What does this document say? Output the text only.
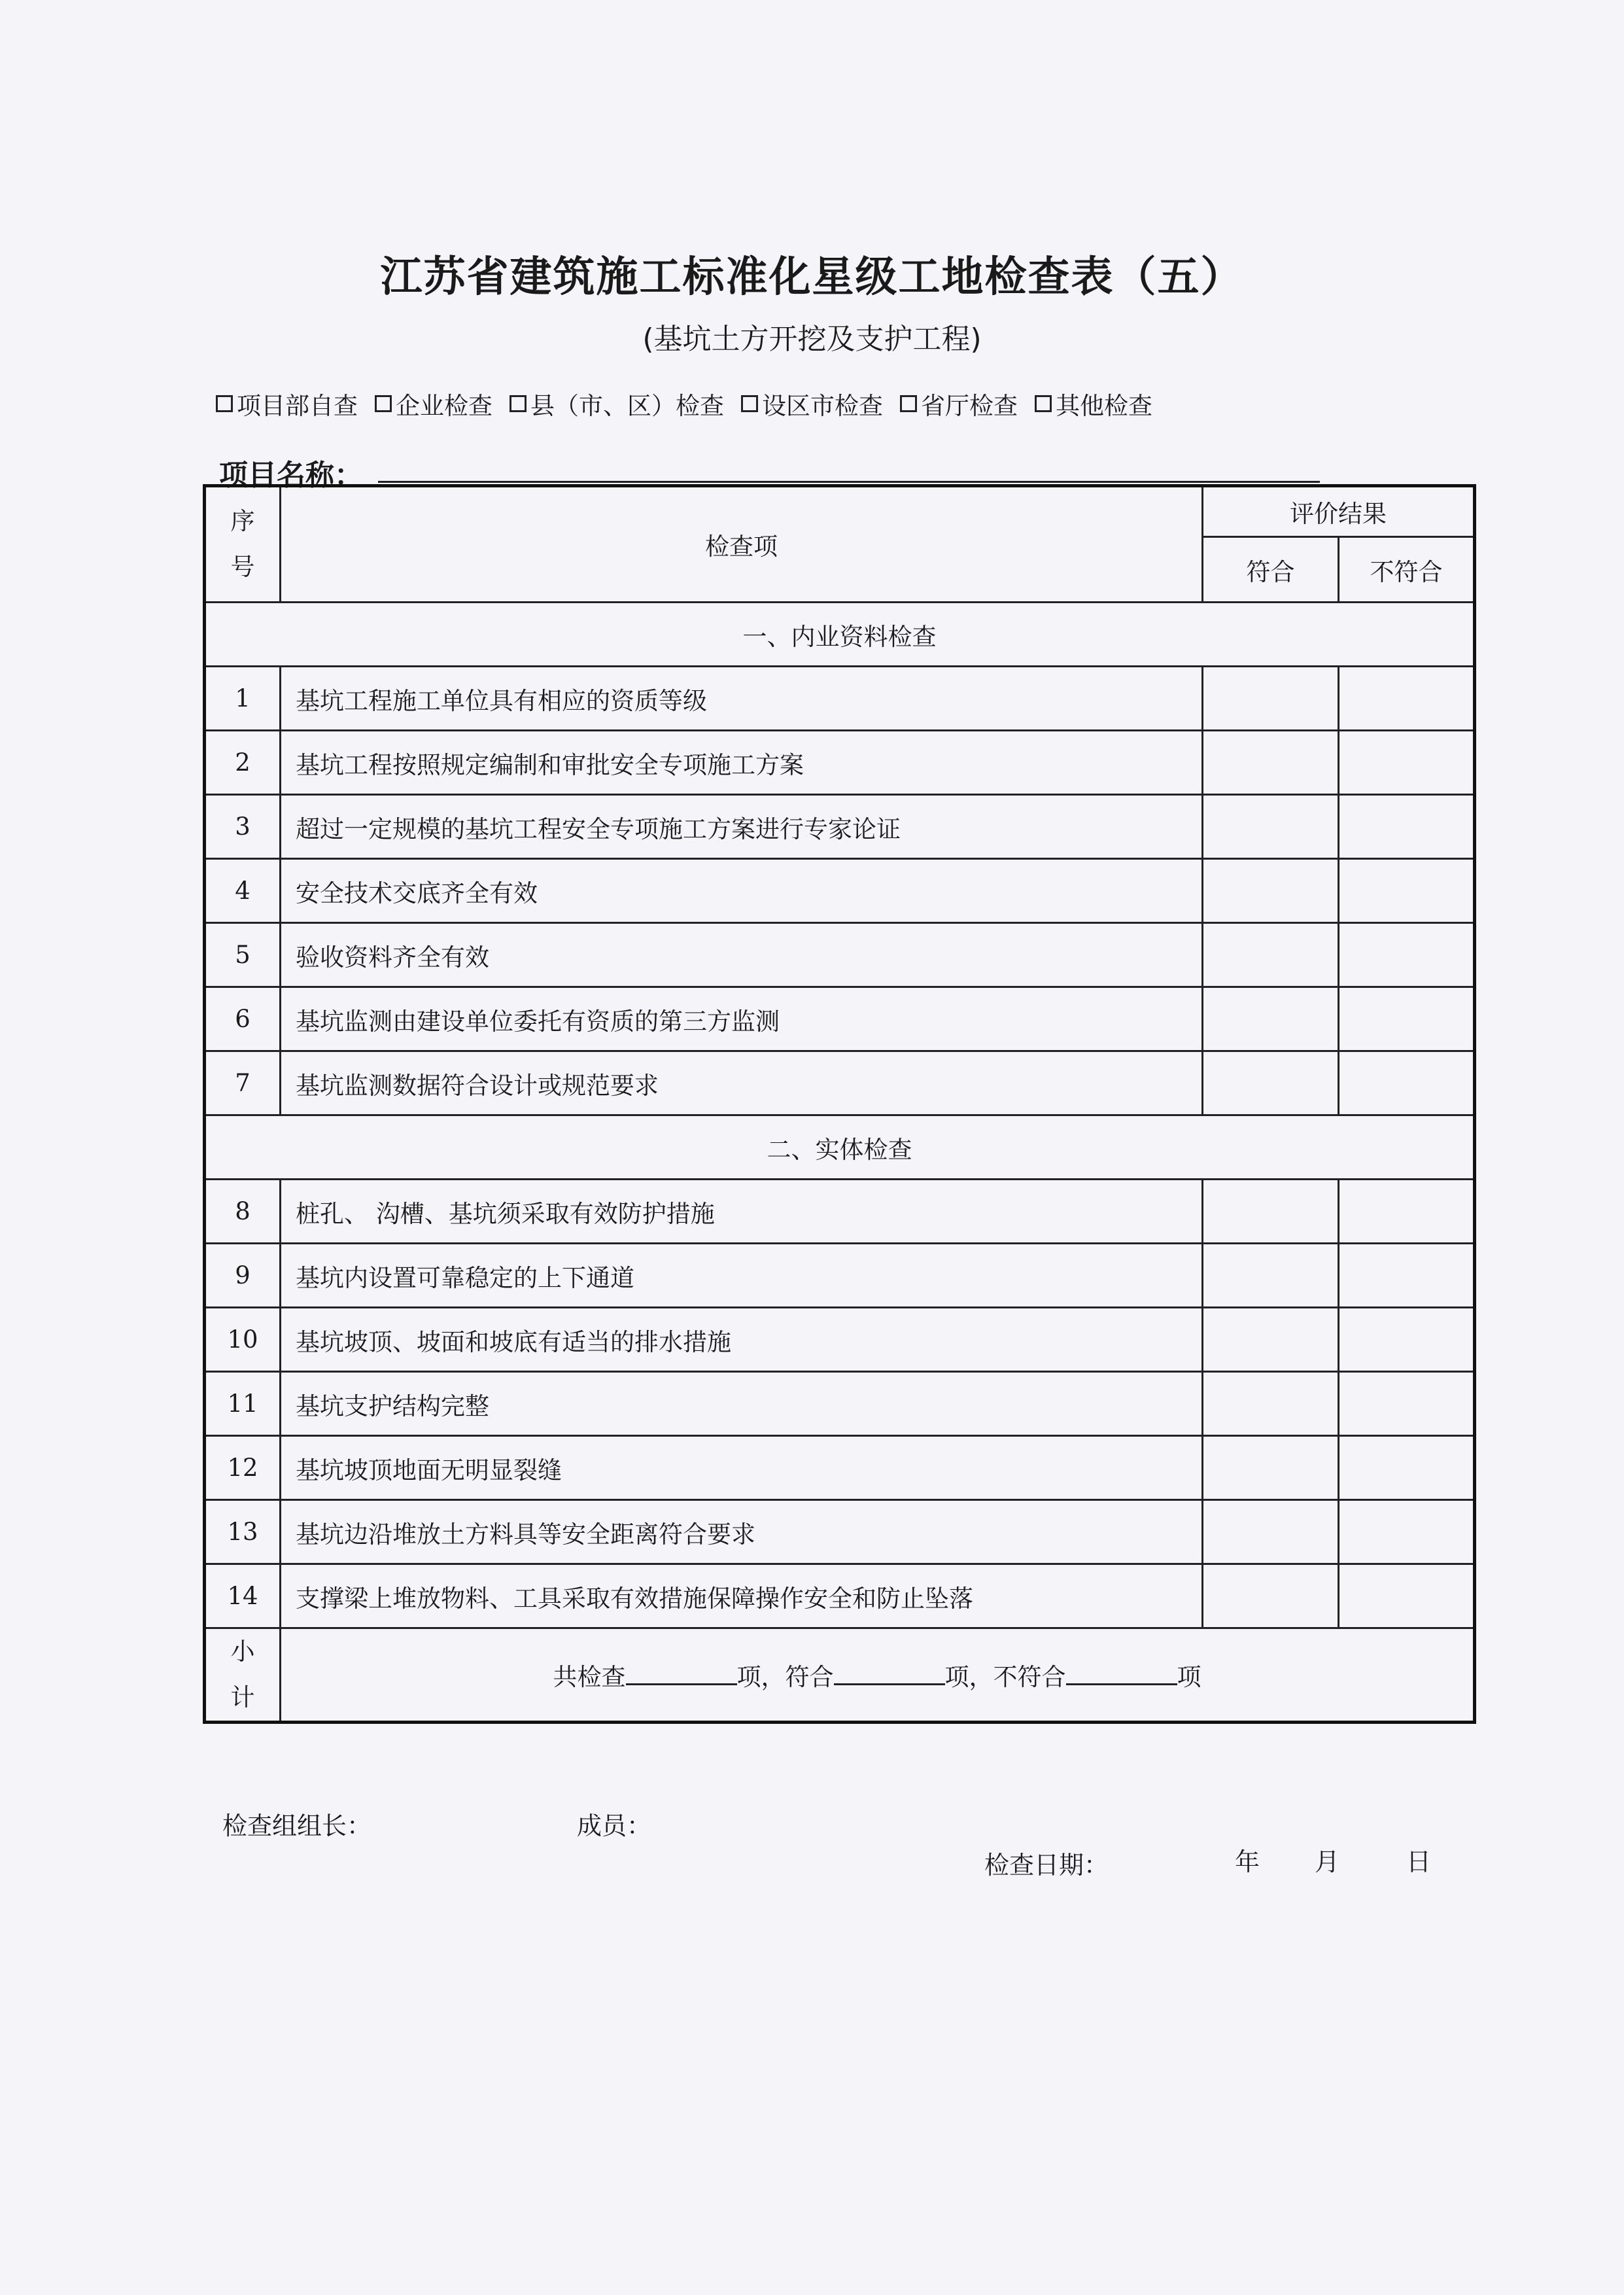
江苏省建筑施工标准化星级工地检查表（五）
(基坑土方开挖及支护工程)
项目部自查 企业检查 县（市、区）检查 设区市检查 省厅检查 其他检查
项目名称：
序
号	检查项	评价结果	
		符合	不符合
一、内业资料检查			
1	基坑工程施工单位具有相应的资质等级		
2	基坑工程按照规定编制和审批安全专项施工方案		
3	超过一定规模的基坑工程安全专项施工方案进行专家论证		
4	安全技术交底齐全有效		
5	验收资料齐全有效		
6	基坑监测由建设单位委托有资质的第三方监测		
7	基坑监测数据符合设计或规范要求		
二、实体检查			
8	桩孔、 沟槽、基坑须采取有效防护措施		
9	基坑内设置可靠稳定的上下通道		
10	基坑坡顶、坡面和坡底有适当的排水措施		
11	基坑支护结构完整		
12	基坑坡顶地面无明显裂缝		
13	基坑边沿堆放土方料具等安全距离符合要求		
14	支撑梁上堆放物料、工具采取有效措施保障操作安全和防止坠落		
小
计	共检查 项，符合 项，不符合 项		
检查组组长：	成员：
检查日期：	年 月	日
